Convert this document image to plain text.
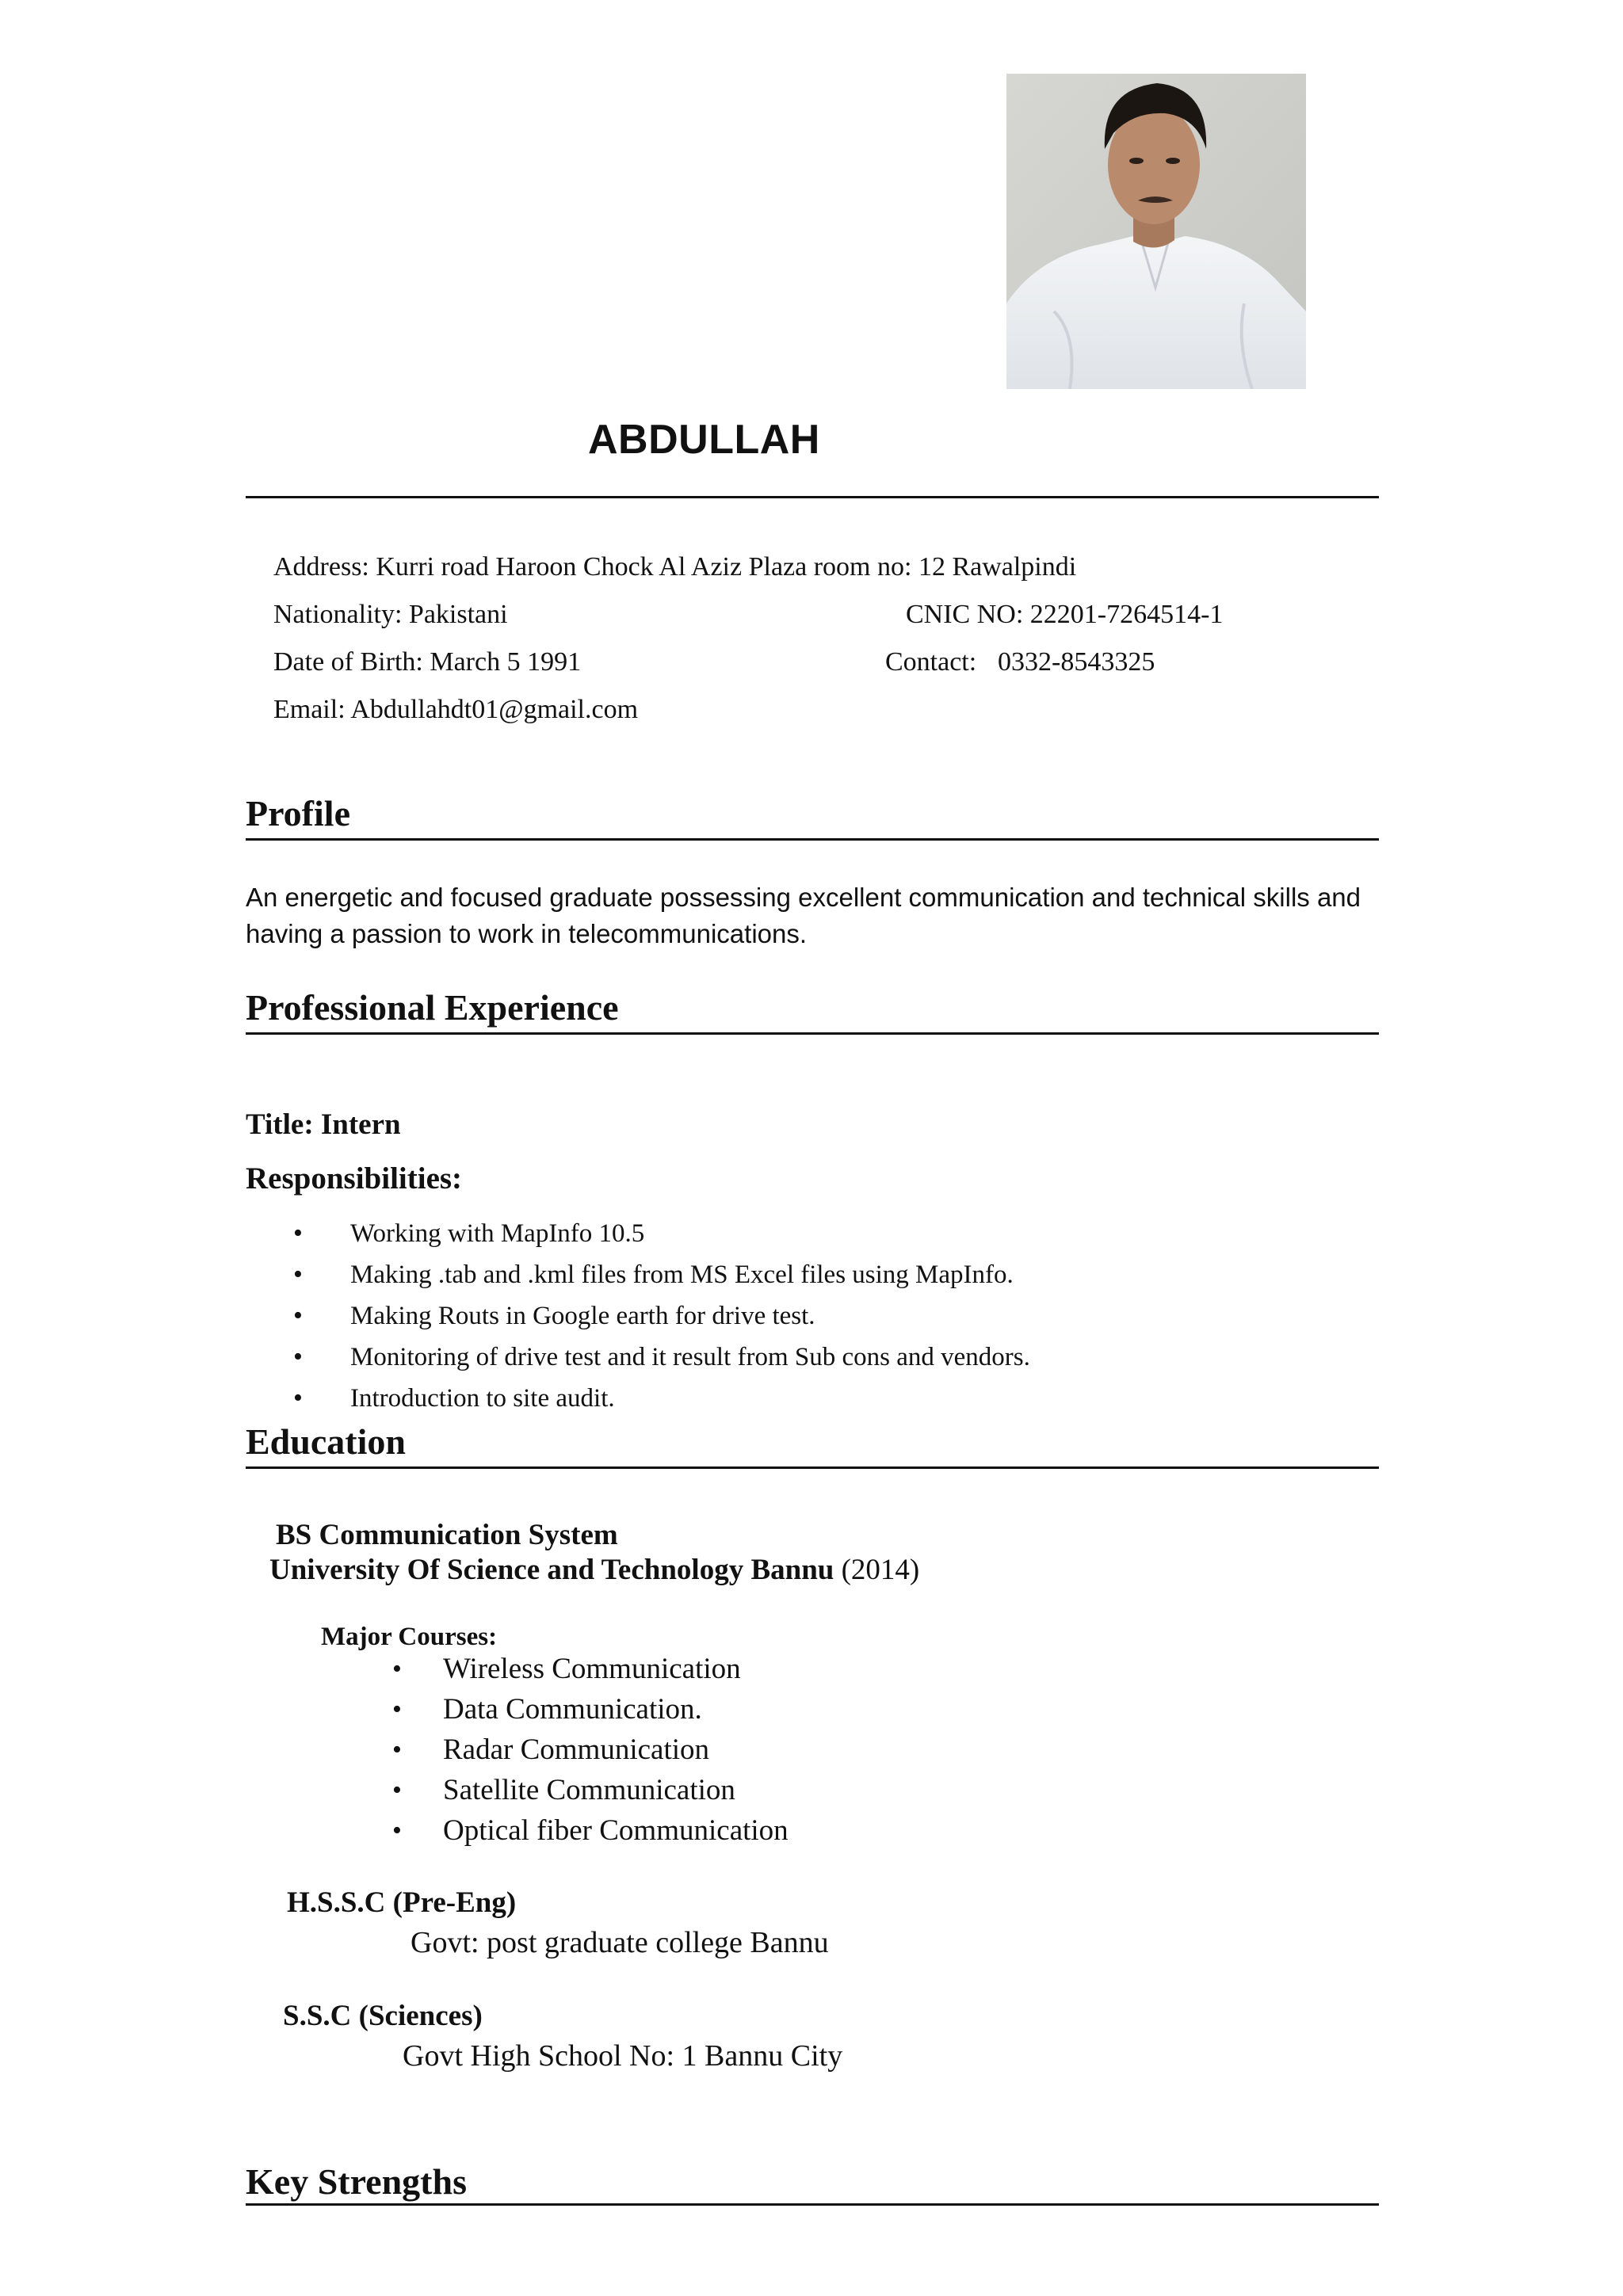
ABDULLAH
Address: Kurri road Haroon Chock Al Aziz Plaza room no: 12 Rawalpindi
Nationality: Pakistani	CNIC NO: 22201-7264514-1
Date of Birth: March 5 1991	Contact: 0332-8543325
Email: Abdullahdt01@gmail.com
Profile
An energetic and focused graduate possessing excellent communication and technical skills and having a passion to work in telecommunications.
Professional Experience
Title: Intern
Responsibilities:
• Working with MapInfo 10.5
• Making .tab and .kml files from MS Excel files using MapInfo.
• Making Routs in Google earth for drive test.
• Monitoring of drive test and it result from Sub cons and vendors.
• Introduction to site audit.
Education
BS Communication System
University Of Science and Technology Bannu (2014)
Major Courses:
• Wireless Communication
• Data Communication.
• Radar Communication
• Satellite Communication
• Optical fiber Communication
H.S.S.C (Pre-Eng)
Govt: post graduate college Bannu
S.S.C (Sciences)
Govt High School No: 1 Bannu City
Key Strengths
